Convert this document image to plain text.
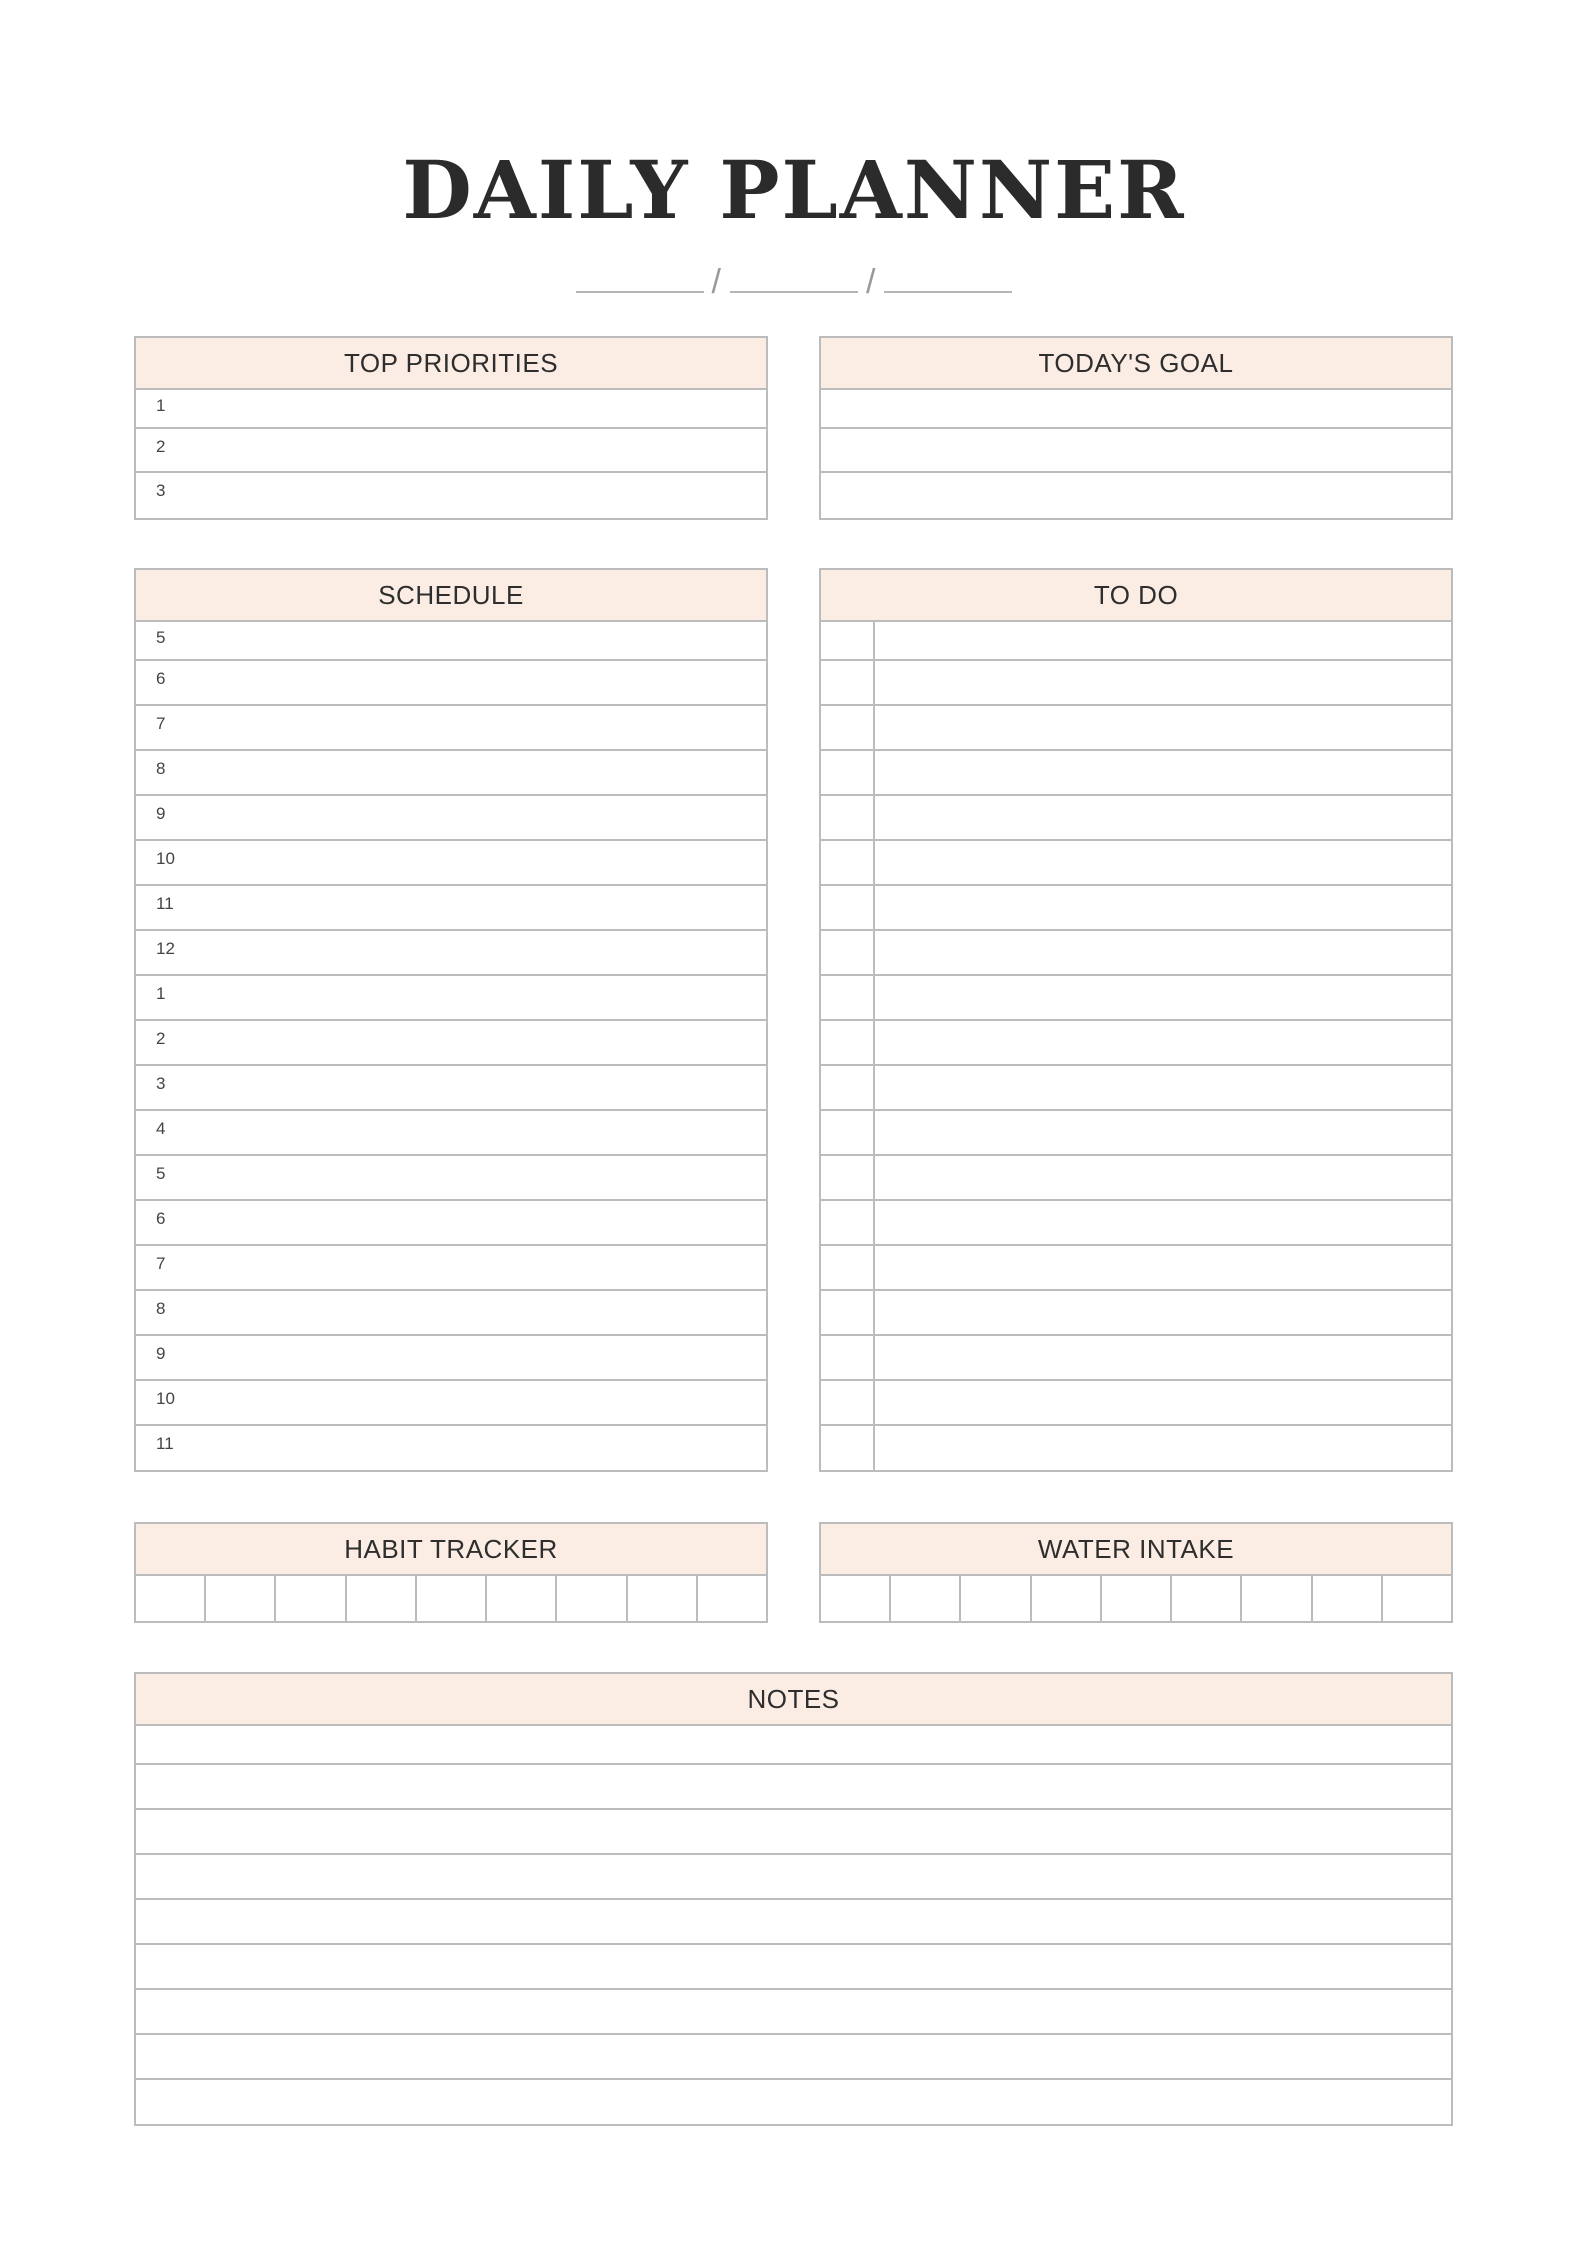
DAILY PLANNER
/	/
TOP PRIORITIES
1
2
3
TODAY'S GOAL
SCHEDULE
5
6
7
8
9
10
11
12
1
2
3
4
5
6
7
8
9
10
11
TO DO
HABIT TRACKER	WATER INTAKE
NOTES
